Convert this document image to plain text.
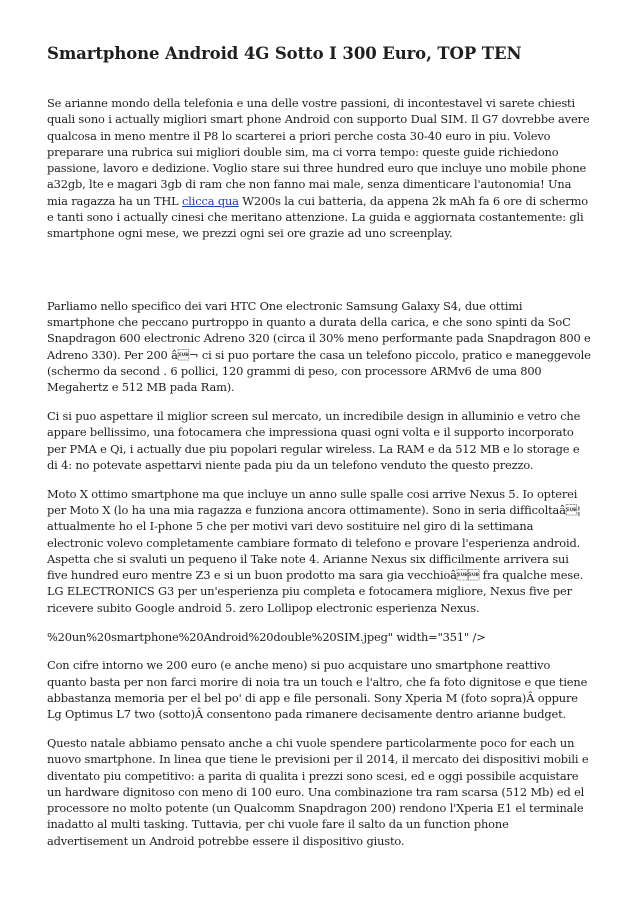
Smartphone Android 4G Sotto I 300 Euro, TOP TEN

Se arianne mondo della telefonia e una delle vostre passioni, di incontestavel vi sarete chiesti quali sono i actually migliori smart phone Android con supporto Dual SIM. Il G7 dovrebbe avere qualcosa in meno mentre il P8 lo scarterei a priori perche costa 30-40 euro in piu. Volevo preparare una rubrica sui migliori double sim, ma ci vorra tempo: queste guide richiedono passione, lavoro e dedizione. Voglio stare sui three hundred euro que incluye uno mobile phone a32gb, lte e magari 3gb di ram che non fanno mai male, senza dimenticare l'autonomia! Una mia ragazza ha un THL clicca qua W200s la cui batteria, da appena 2k mAh fa 6 ore di schermo e tanti sono i actually cinesi che meritano attenzione. La guida e aggiornata costantemente: gli smartphone ogni mese, we prezzi ogni sei ore grazie ad uno screenplay.

Parliamo nello specifico dei vari HTC One electronic Samsung Galaxy S4, due ottimi smartphone che peccano purtroppo in quanto a durata della carica, e che sono spinti da SoC Snapdragon 600 electronic Adreno 320 (circa il 30% meno performante pada Snapdragon 800 e Adreno 330). Per 200 â¬ ci si puo portare the casa un telefono piccolo, pratico e maneggevole (schermo da second . 6 pollici, 120 grammi di peso, con processore ARMv6 de uma 800 Megahertz e 512 MB pada Ram).

Ci si puo aspettare il miglior screen sul mercato, un incredibile design in alluminio e vetro che appare bellissimo, una fotocamera che impressiona quasi ogni volta e il supporto incorporato per PMA e Qi, i actually due piu popolari regular wireless. La RAM e da 512 MB e lo storage e di 4: no potevate aspettarvi niente pada piu da un telefono venduto the questo prezzo.

Moto X ottimo smartphone ma que incluye un anno sulle spalle cosi arrive Nexus 5. Io opterei per Moto X (lo ha una mia ragazza e funziona ancora ottimamente). Sono in seria difficoltaâ¦ attualmente ho el I-phone 5 che per motivi vari devo sostituire nel giro di la settimana electronic volevo completamente cambiare formato di telefono e provare l'esperienza android. Aspetta che si svaluti un pequeno il Take note 4. Arianne Nexus six difficilmente arrivera sui five hundred euro mentre Z3 e si un buon prodotto ma sara gia vecchioâ fra qualche mese. LG ELECTRONICS G3 per un'esperienza piu completa e fotocamera migliore, Nexus five per ricevere subito Google android 5. zero Lollipop electronic esperienza Nexus.

%20un%20smartphone%20Android%20double%20SIM.jpeg" width="351" />

Con cifre intorno we 200 euro (e anche meno) si puo acquistare uno smartphone reattivo quanto basta per non farci morire di noia tra un touch e l'altro, che fa foto dignitose e que tiene abbastanza memoria per el bel po' di app e file personali. Sony Xperia M (foto sopra)Â oppure Lg Optimus L7 two (sotto)Â consentono pada rimanere decisamente dentro arianne budget.

Questo natale abbiamo pensato anche a chi vuole spendere particolarmente poco for each un nuovo smartphone. In linea que tiene le previsioni per il 2014, il mercato dei dispositivi mobili e diventato piu competitivo: a parita di qualita i prezzi sono scesi, ed e oggi possibile acquistare un hardware dignitoso con meno di 100 euro. Una combinazione tra ram scarsa (512 Mb) ed el processore no molto potente (un Qualcomm Snapdragon 200) rendono l'Xperia E1 el terminale inadatto al multi tasking. Tuttavia, per chi vuole fare il salto da un function phone advertisement un Android potrebbe essere il dispositivo giusto.
